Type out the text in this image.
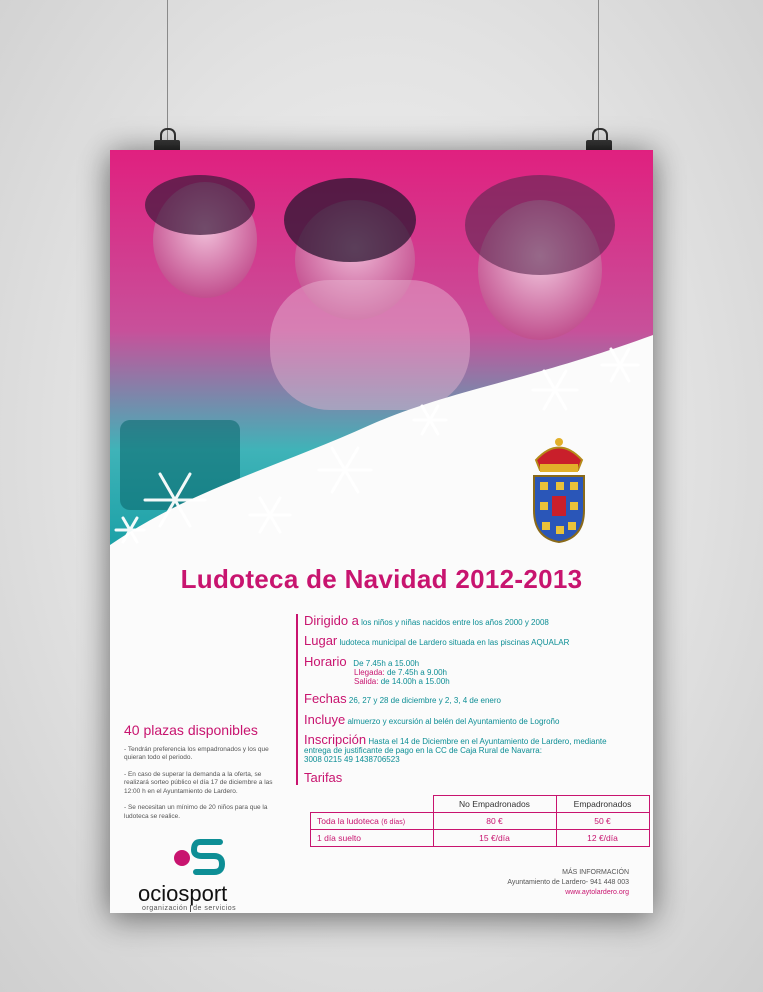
Ludoteca de Navidad 2012-2013

Dirigido a los niños y niñas nacidos entre los años 2000 y 2008

Lugar ludoteca municipal de Lardero situada en las piscinas AQUALAR

Horario De 7.45h a 15.00h

Llegada: de 7.45h a 9.00h

Salida: de 14.00h a 15.00h

Fechas 26, 27 y 28 de diciembre y 2, 3, 4 de enero

Incluye almuerzo y excursión al belén del Ayuntamiento de Logroño

Inscripción Hasta el 14 de Diciembre en el Ayuntamiento de Lardero, mediante

entrega de justificante de pago en la CC de Caja Rural de Navarra:

3008 0215 49 1438706523

Tarifas

	No Empadronados	Empadronados
Toda la ludoteca (6 días)	80 €	50 €
1 día suelto	15 €/día	12 €/día
40 plazas disponibles

- Tendrán preferencia los empadronados y los que quieran todo el periodo.

- En caso de superar la demanda a la oferta, se realizará sorteo público el día 17 de diciembre a las 12:00 h en el Ayuntamiento de Lardero.

- Se necesitan un mínimo de 20 niños para que la ludoteca se realice.

ociosport
organización de servicios
MÁS INFORMACIÓN
Ayuntamiento de Lardero- 941 448 003
www.aytolardero.org
